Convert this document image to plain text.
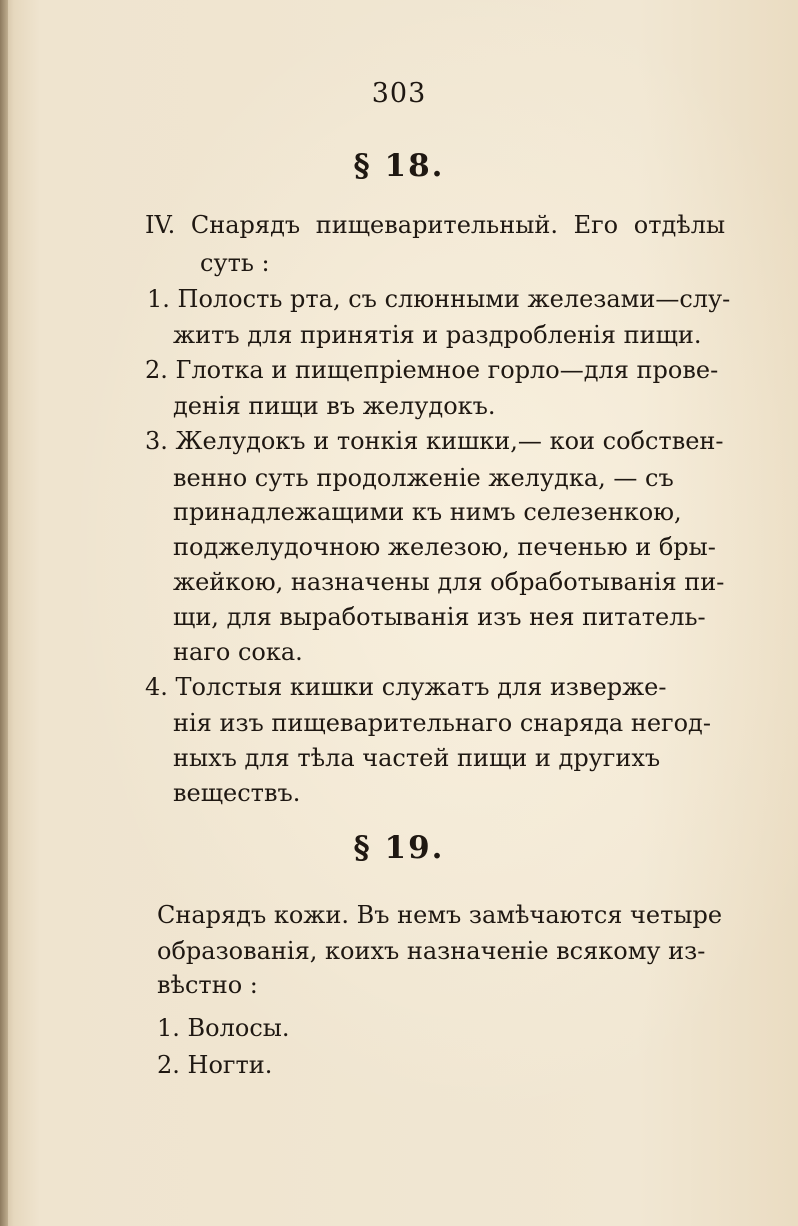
303
§ 18.
IV. Снарядъ пищеварительный. Его отдѣлы
суть :
1. Полость рта, съ слюнными железами—слу-
житъ для принятія и раздробленія пищи.
2. Глотка и пищепріемное горло—для прове-
денія пищи въ желудокъ.
3. Желудокъ и тонкія кишки,— кои собствен-
венно суть продолженіе желудка, — съ
принадлежащими къ нимъ селезенкою,
поджелудочною железою, печенью и бры-
жейкою, назначены для обработыванія пи-
щи, для выработыванія изъ нея питатель-
наго сока.
4. Толстыя кишки служатъ для изверже-
нія изъ пищеварительнаго снаряда негод-
ныхъ для тѣла частей пищи и другихъ
веществъ.
§ 19.
Снарядъ кожи. Въ немъ замѣчаются четыре
образованія, коихъ назначеніе всякому из-
вѣстно :
1. Волосы.
2. Ногти.
